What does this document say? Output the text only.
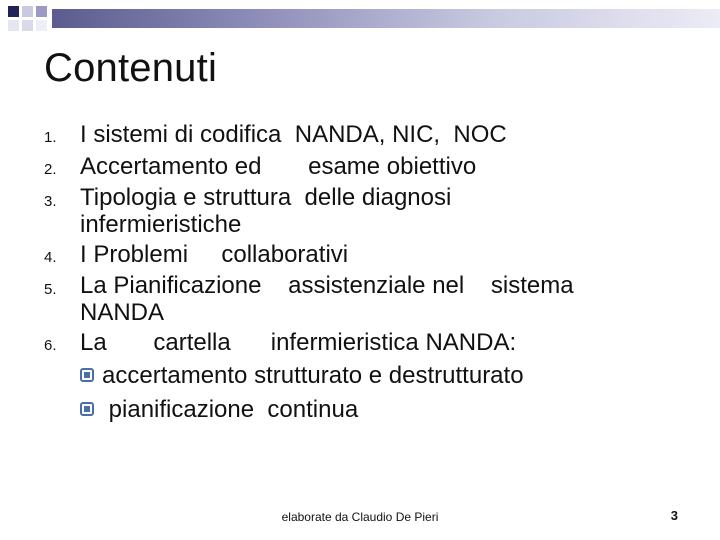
Contenuti
1. I sistemi di codifica  NANDA, NIC,  NOC
2. Accertamento ed       esame obiettivo
3. Tipologia e struttura  delle diagnosi
infermieristiche
4. I Problemi     collaborativi
5. La Pianificazione    assistenziale nel    sistema
NANDA
6. La       cartella      infermieristica NANDA:
accertamento strutturato e destrutturato
pianificazione  continua
elaborate da Claudio De Pieri	3
